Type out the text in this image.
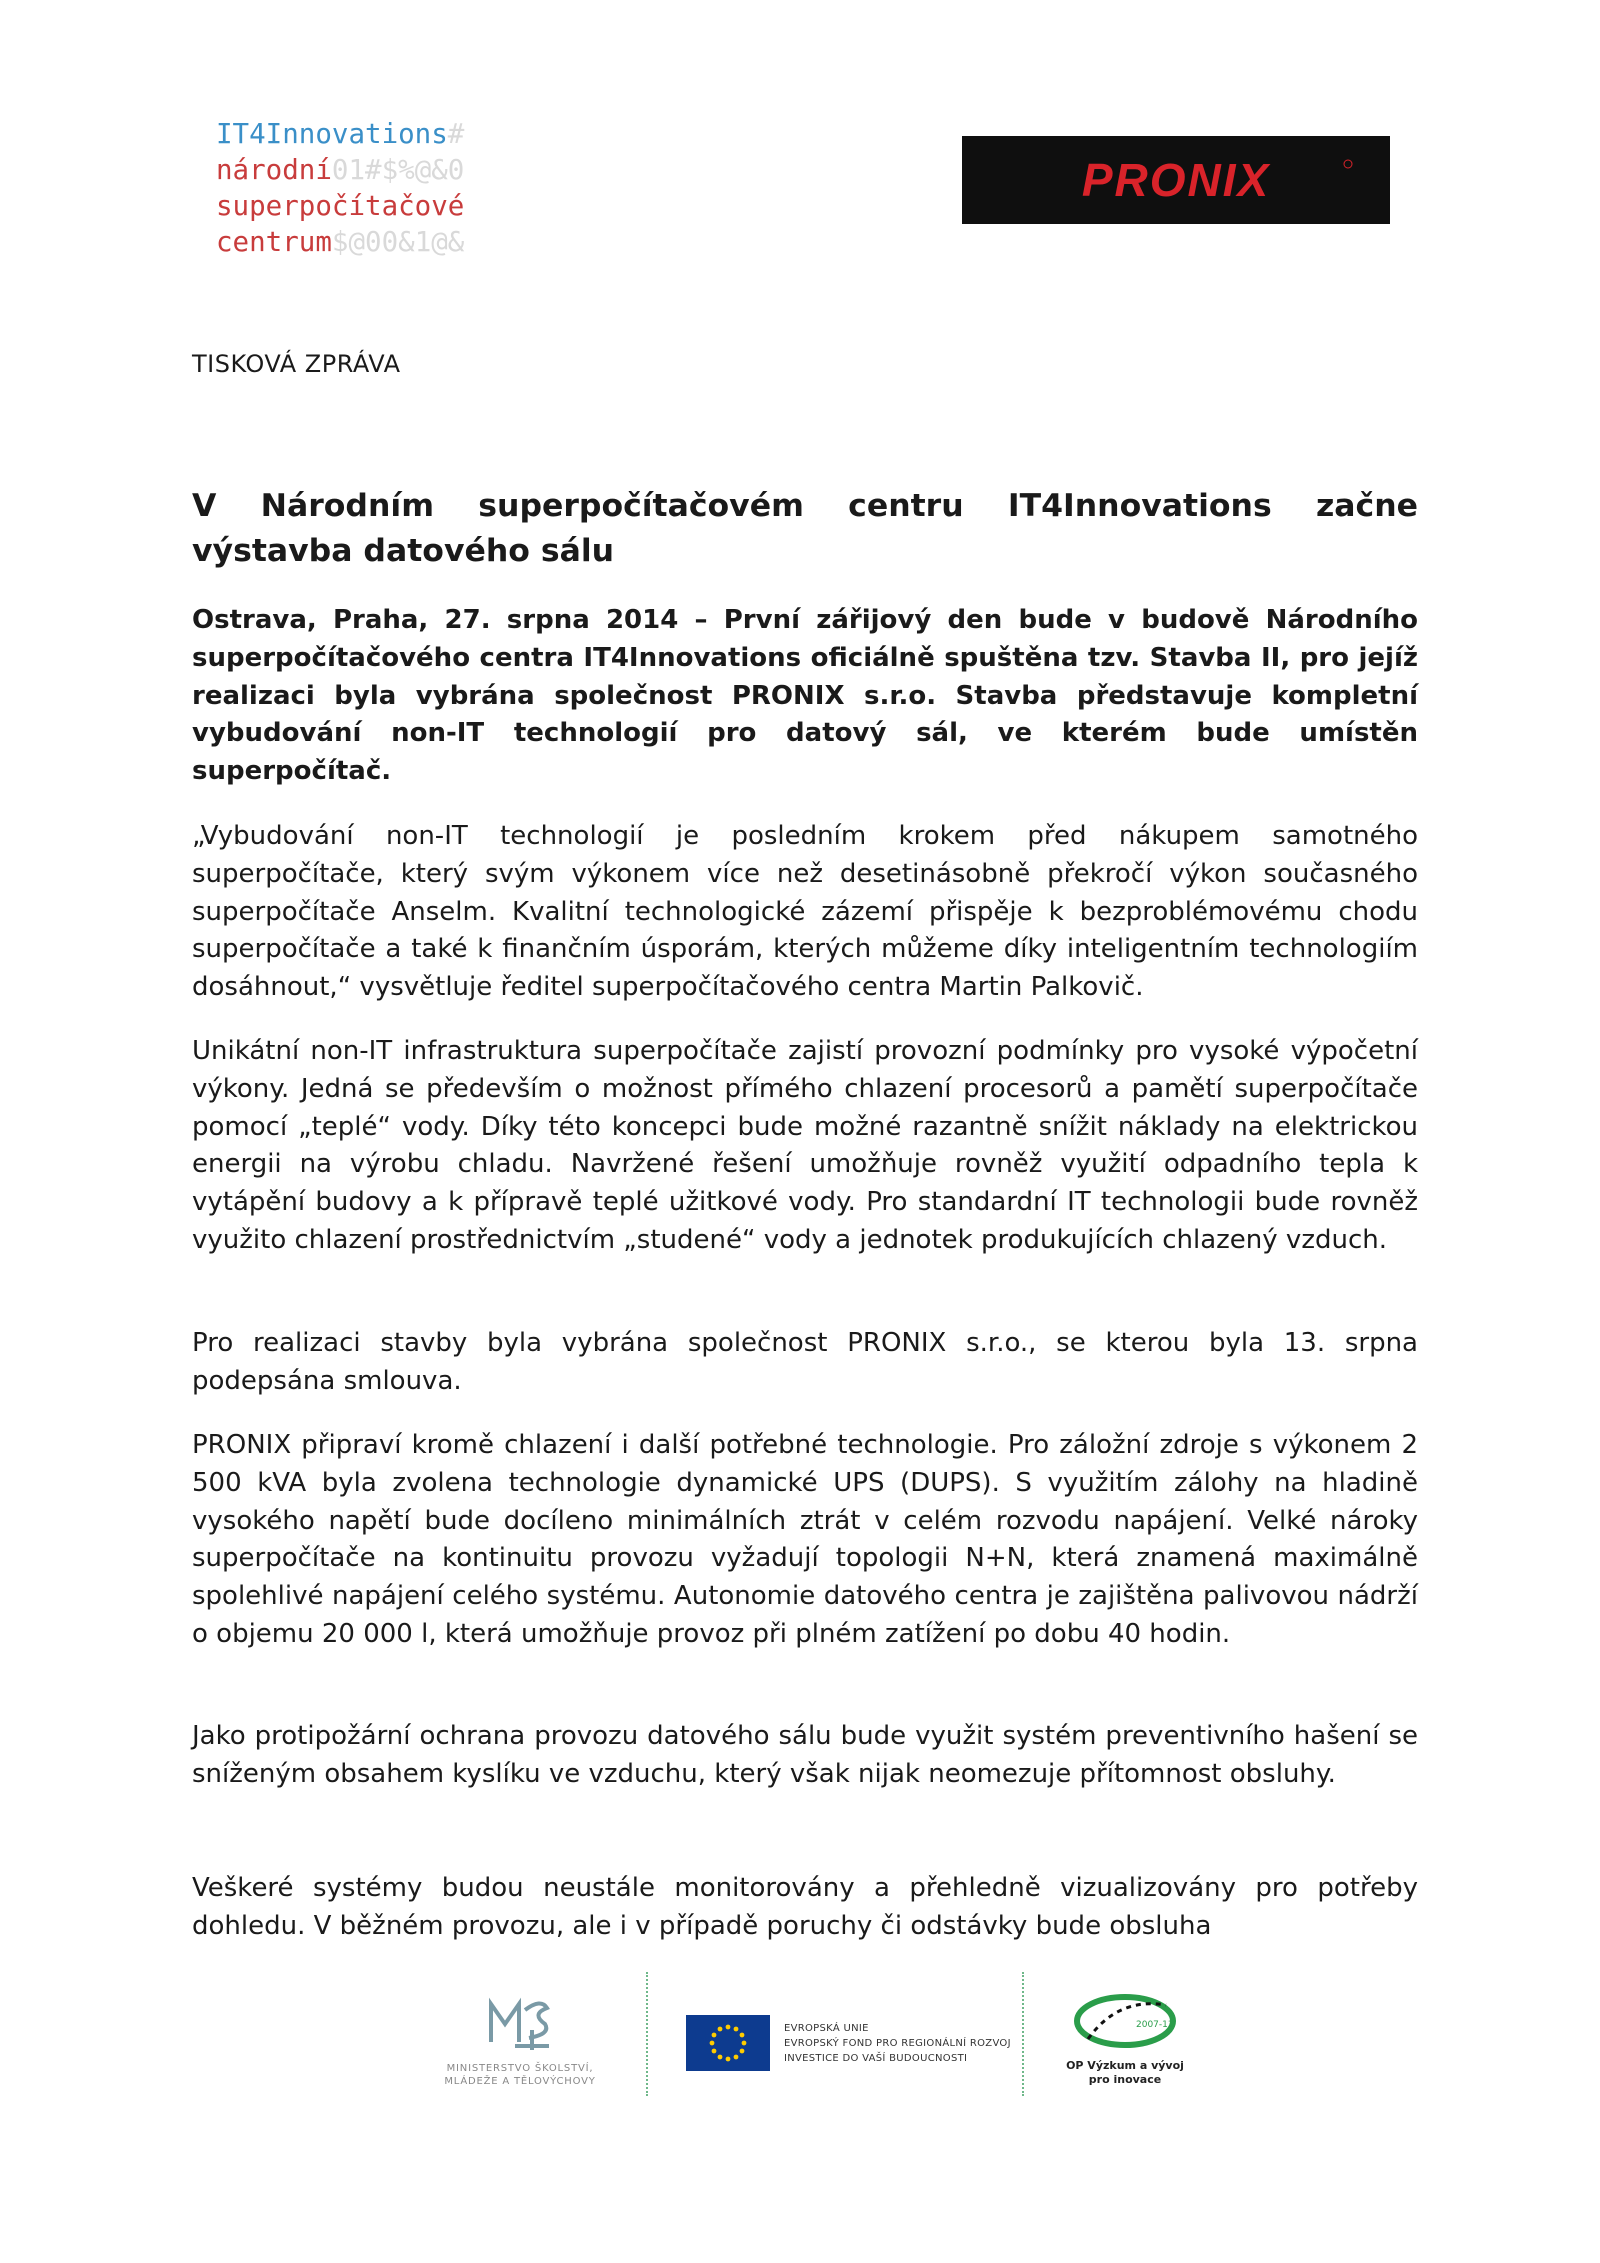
IT4Innovations#
národní01#$%@&0
superpočítačové
centrum$@00&1@&
PRONIX
TISKOVÁ ZPRÁVA
V Národním superpočítačovém centru IT4Innovations začne
výstavba datového sálu
Ostrava, Praha, 27. srpna 2014 – První zářijový den bude v budově Národního superpočítačového centra IT4Innovations oficiálně spuštěna tzv. Stavba II, pro jejíž realizaci byla vybrána společnost PRONIX s.r.o. Stavba představuje kompletní vybudování non-IT technologií pro datový sál, ve kterém bude umístěn superpočítač.
„Vybudování non-IT technologií je posledním krokem před nákupem samotného superpočítače, který svým výkonem více než desetinásobně překročí výkon současného superpočítače Anselm. Kvalitní technologické zázemí přispěje k bezproblémovému chodu superpočítače a také k finančním úsporám, kterých můžeme díky inteligentním technologiím dosáhnout,“ vysvětluje ředitel superpočítačového centra Martin Palkovič.
Unikátní non-IT infrastruktura superpočítače zajistí provozní podmínky pro vysoké výpočetní výkony. Jedná se především o možnost přímého chlazení procesorů a pamětí superpočítače pomocí „teplé“ vody. Díky této koncepci bude možné razantně snížit náklady na elektrickou energii na výrobu chladu. Navržené řešení umožňuje rovněž využití odpadního tepla k vytápění budovy a k přípravě teplé užitkové vody. Pro standardní IT technologii bude rovněž využito chlazení prostřednictvím „studené“ vody a jednotek produkujících chlazený vzduch.
Pro realizaci stavby byla vybrána společnost PRONIX s.r.o., se kterou byla 13. srpna podepsána smlouva.
PRONIX připraví kromě chlazení i další potřebné technologie. Pro záložní zdroje s výkonem 2 500 kVA byla zvolena technologie dynamické UPS (DUPS). S využitím zálohy na hladině vysokého napětí bude docíleno minimálních ztrát v celém rozvodu napájení. Velké nároky superpočítače na kontinuitu provozu vyžadují topologii N+N, která znamená maximálně spolehlivé napájení celého systému. Autonomie datového centra je zajištěna palivovou nádrží o objemu 20 000 l, která umožňuje provoz při plném zatížení po dobu 40 hodin.
Jako protipožární ochrana provozu datového sálu bude využit systém preventivního hašení se sníženým obsahem kyslíku ve vzduchu, který však nijak neomezuje přítomnost obsluhy.
Veškeré systémy budou neustále monitorovány a přehledně vizualizovány pro potřeby dohledu. V běžném provozu, ale i v případě poruchy či odstávky bude obsluha
MINISTERSTVO ŠKOLSTVÍ,
MLÁDEŽE A TĚLOVÝCHOVY
EVROPSKÁ UNIE
EVROPSKÝ FOND PRO REGIONÁLNÍ ROZVOJ
INVESTICE DO VAŠÍ BUDOUCNOSTI
2007-13
OP Výzkum a vývoj
pro inovace
